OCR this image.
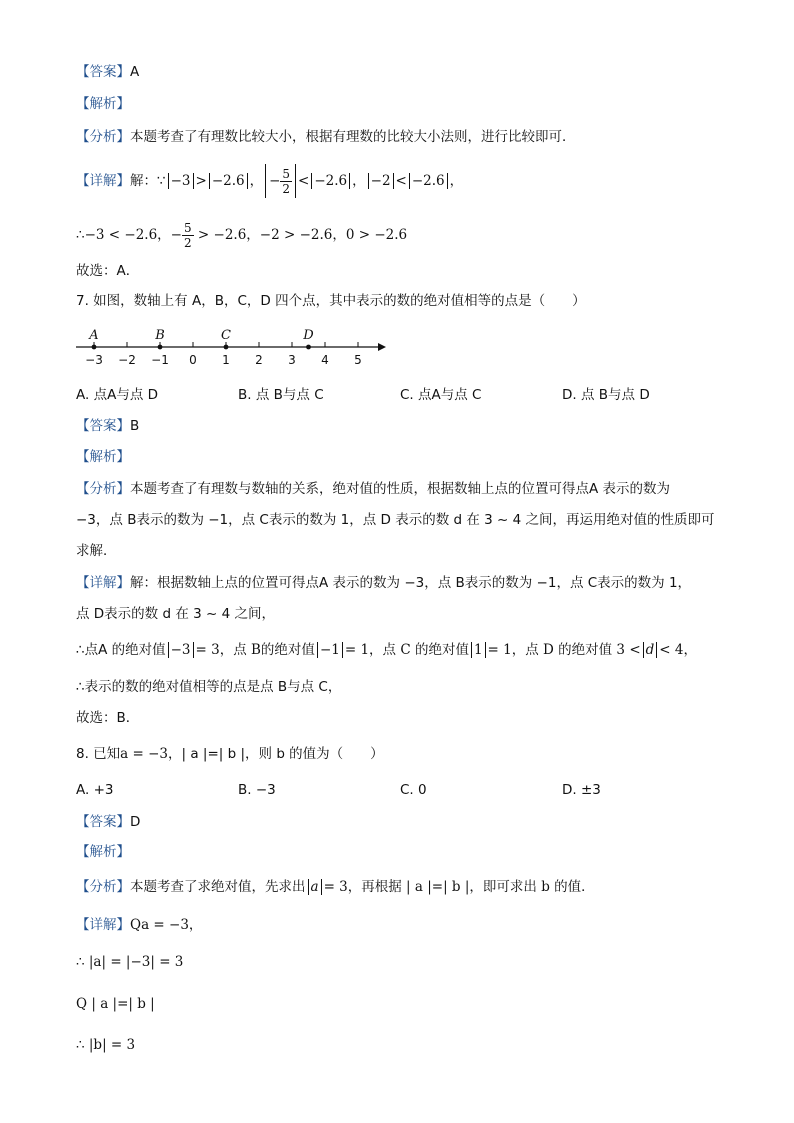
【答案】A
【解析】
【分析】本题考查了有理数比较大小，根据有理数的比较大小法则，进行比较即可．
【详解】解：∵ −3 > −2.6 ， − $\frac{5}{2} < -2.6$ ， −2 < −2.6 ，
∴−3 < −2.6，− $\frac{5}{2} > -2.6$，−2 > −2.6，0 > −2.6
故选：A．
7. 如图，数轴上有 A，B，C，D 四个点，其中表示的数的绝对值相等的点是（　　）
−3 −2 −1 0 1 2 3 4 5
A	B	C	D
A. 点A与点 D	B. 点 B与点 C	C. 点A与点 C	D. 点 B与点 D
【答案】B
【解析】
【分析】本题考查了有理数与数轴的关系，绝对值的性质，根据数轴上点的位置可得点A 表示的数为
−3，点 B表示的数为 −1，点 C表示的数为 1，点 D 表示的数 d 在 3 ~ 4 之间，再运用绝对值的性质即可
求解．
【详解】解：根据数轴上点的位置可得点A 表示的数为 −3，点 B表示的数为 −1，点 C表示的数为 1，
点 D表示的数 d 在 3 ~ 4 之间，
∴点A 的绝对值 −3 = 3，点 B的绝对值 −1 = 1，点 C 的绝对值 1 = 1，点 D 的绝对值 3 < d < 4，
∴表示的数的绝对值相等的点是点 B与点 C，
故选：B．
8. 已知a = −3，| a |=| b |，则 b 的值为（　　）
A. +3	B. −3	C. 0	D. ±3
【答案】D
【解析】
【分析】本题考查了求绝对值，先求出 a = 3，再根据 | a |=| b |，即可求出 b 的值．
【详解】Qa = −3，
∴ |a| = |−3| = 3
Q | a |=| b |
∴ |b| = 3
